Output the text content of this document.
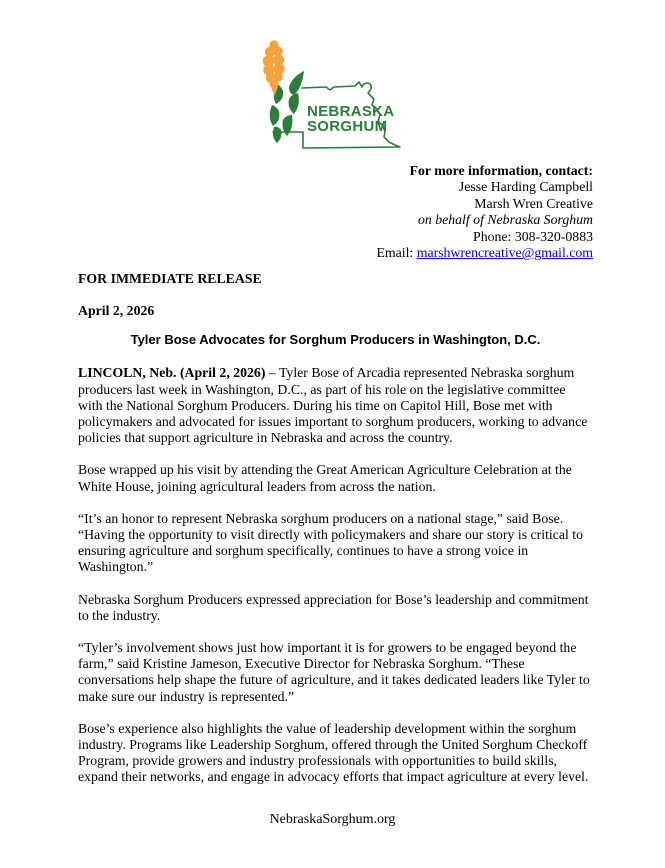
NEBRASKA
SORGHUM
For more information, contact:
Jesse Harding Campbell
Marsh Wren Creative
on behalf of Nebraska Sorghum
Phone: 308-320-0883
Email: marshwrencreative@gmail.com
FOR IMMEDIATE RELEASE
April 2, 2026
Tyler Bose Advocates for Sorghum Producers in Washington, D.C.

LINCOLN, Neb. (April 2, 2026) – Tyler Bose of Arcadia represented Nebraska sorghum producers last week in Washington, D.C., as part of his role on the legislative committee with the National Sorghum Producers. During his time on Capitol Hill, Bose met with policymakers and advocated for issues important to sorghum producers, working to advance policies that support agriculture in Nebraska and across the country.

Bose wrapped up his visit by attending the Great American Agriculture Celebration at the White House, joining agricultural leaders from across the nation.

“It’s an honor to represent Nebraska sorghum producers on a national stage,” said Bose. “Having the opportunity to visit directly with policymakers and share our story is critical to ensuring agriculture and sorghum specifically, continues to have a strong voice in Washington.”

Nebraska Sorghum Producers expressed appreciation for Bose’s leadership and commitment to the industry.

“Tyler’s involvement shows just how important it is for growers to be engaged beyond the farm,” said Kristine Jameson, Executive Director for Nebraska Sorghum. “These conversations help shape the future of agriculture, and it takes dedicated leaders like Tyler to make sure our industry is represented.”

Bose’s experience also highlights the value of leadership development within the sorghum industry. Programs like Leadership Sorghum, offered through the United Sorghum Checkoff Program, provide growers and industry professionals with opportunities to build skills, expand their networks, and engage in advocacy efforts that impact agriculture at every level.

NebraskaSorghum.org
